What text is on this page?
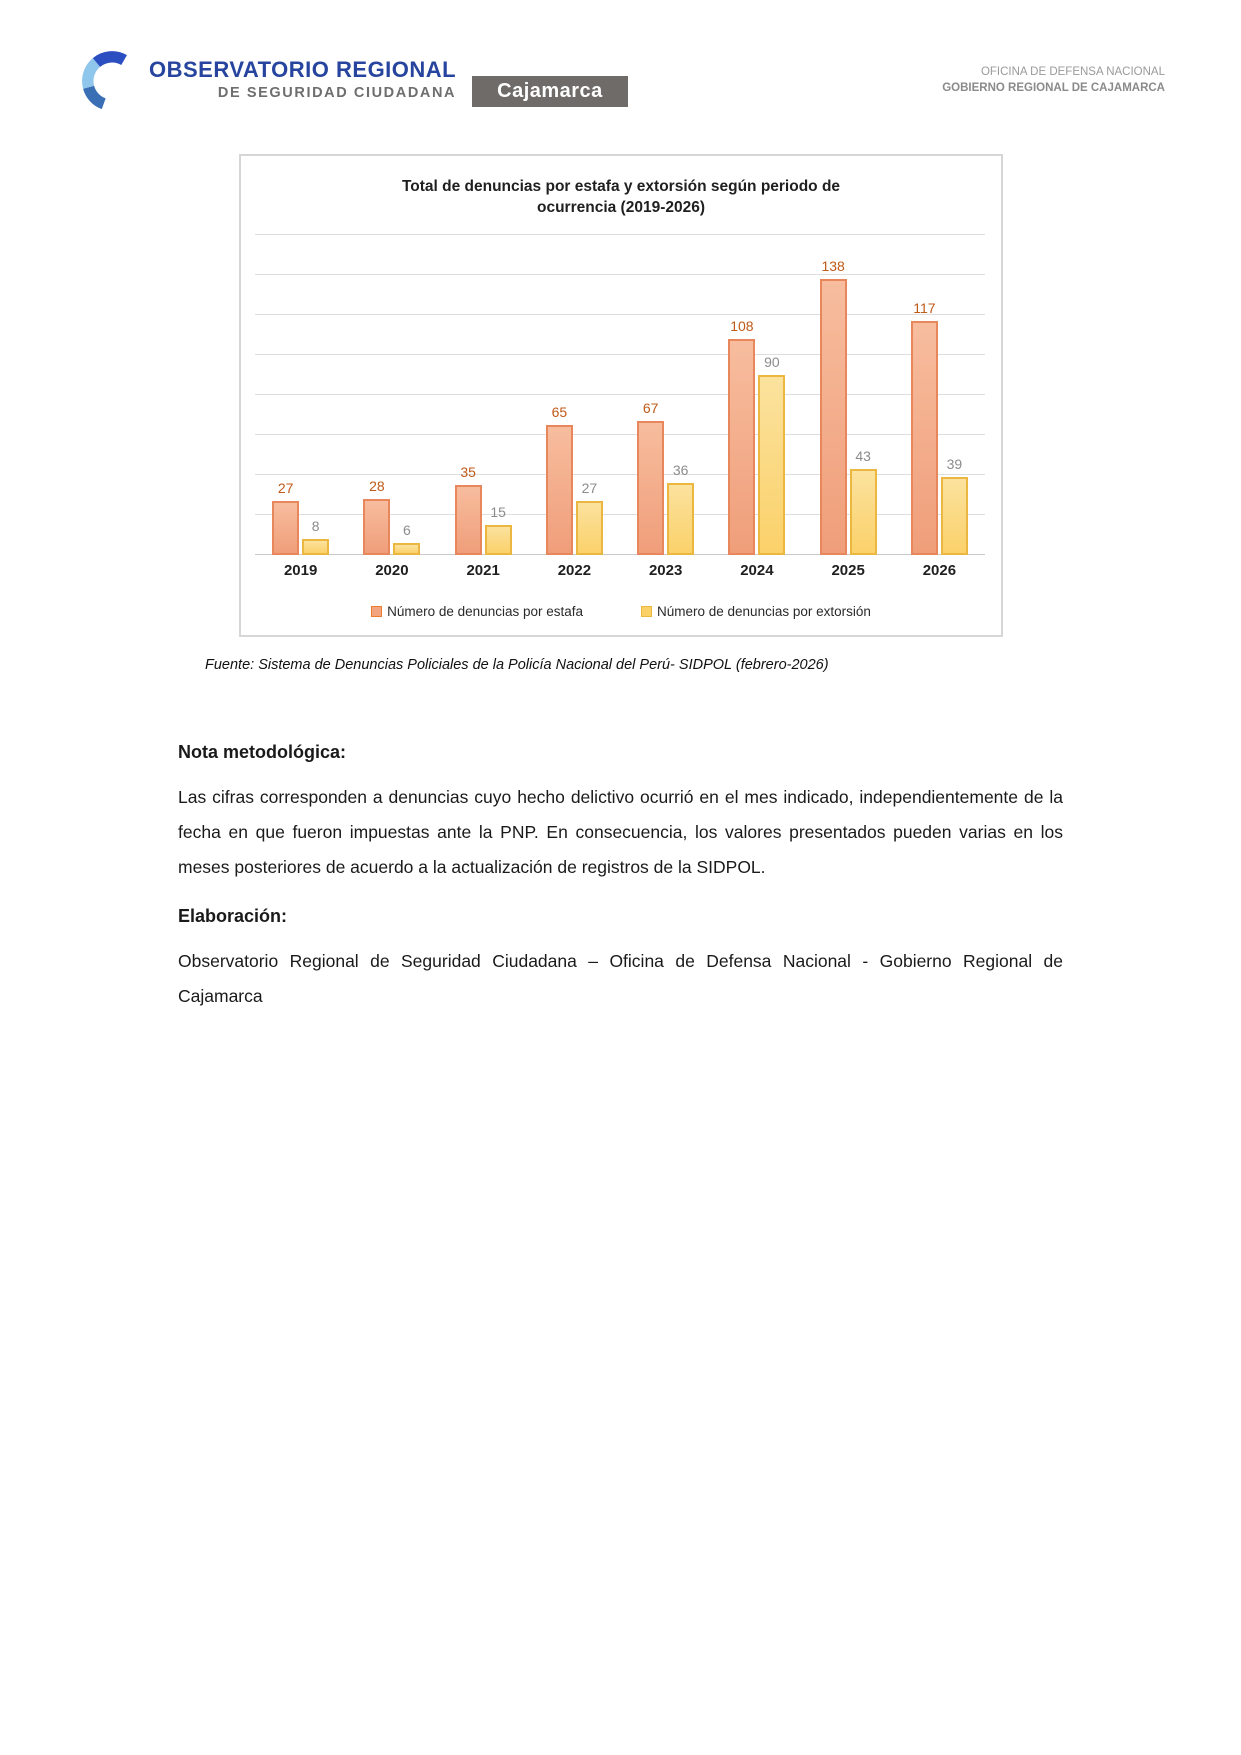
OBSERVATORIO REGIONAL
DE SEGURIDAD CIUDADANA	Cajamarca
OFICINA DE DEFENSA NACIONAL
GOBIERNO REGIONAL DE CAJAMARCA
Total de denuncias por estafa y extorsión según periodo de ocurrencia (2019-2026)
27
8
28
6
35
15
65
27
67
36
108
90
138
43
117
39
2019	2020	2021	2022	2023	2024	2025	2026
Número de denuncias por estafa	Número de denuncias por extorsión

Fuente: Sistema de Denuncias Policiales de la Policía Nacional del Perú- SIDPOL (febrero-2026)

Nota metodológica:
Las cifras corresponden a denuncias cuyo hecho delictivo ocurrió en el mes indicado, independientemente de la fecha en que fueron impuestas ante la PNP. En consecuencia, los valores presentados pueden varias en los meses posteriores de acuerdo a la actualización de registros de la SIDPOL.
Elaboración:
Observatorio Regional de Seguridad Ciudadana – Oficina de Defensa Nacional - Gobierno Regional de Cajamarca
